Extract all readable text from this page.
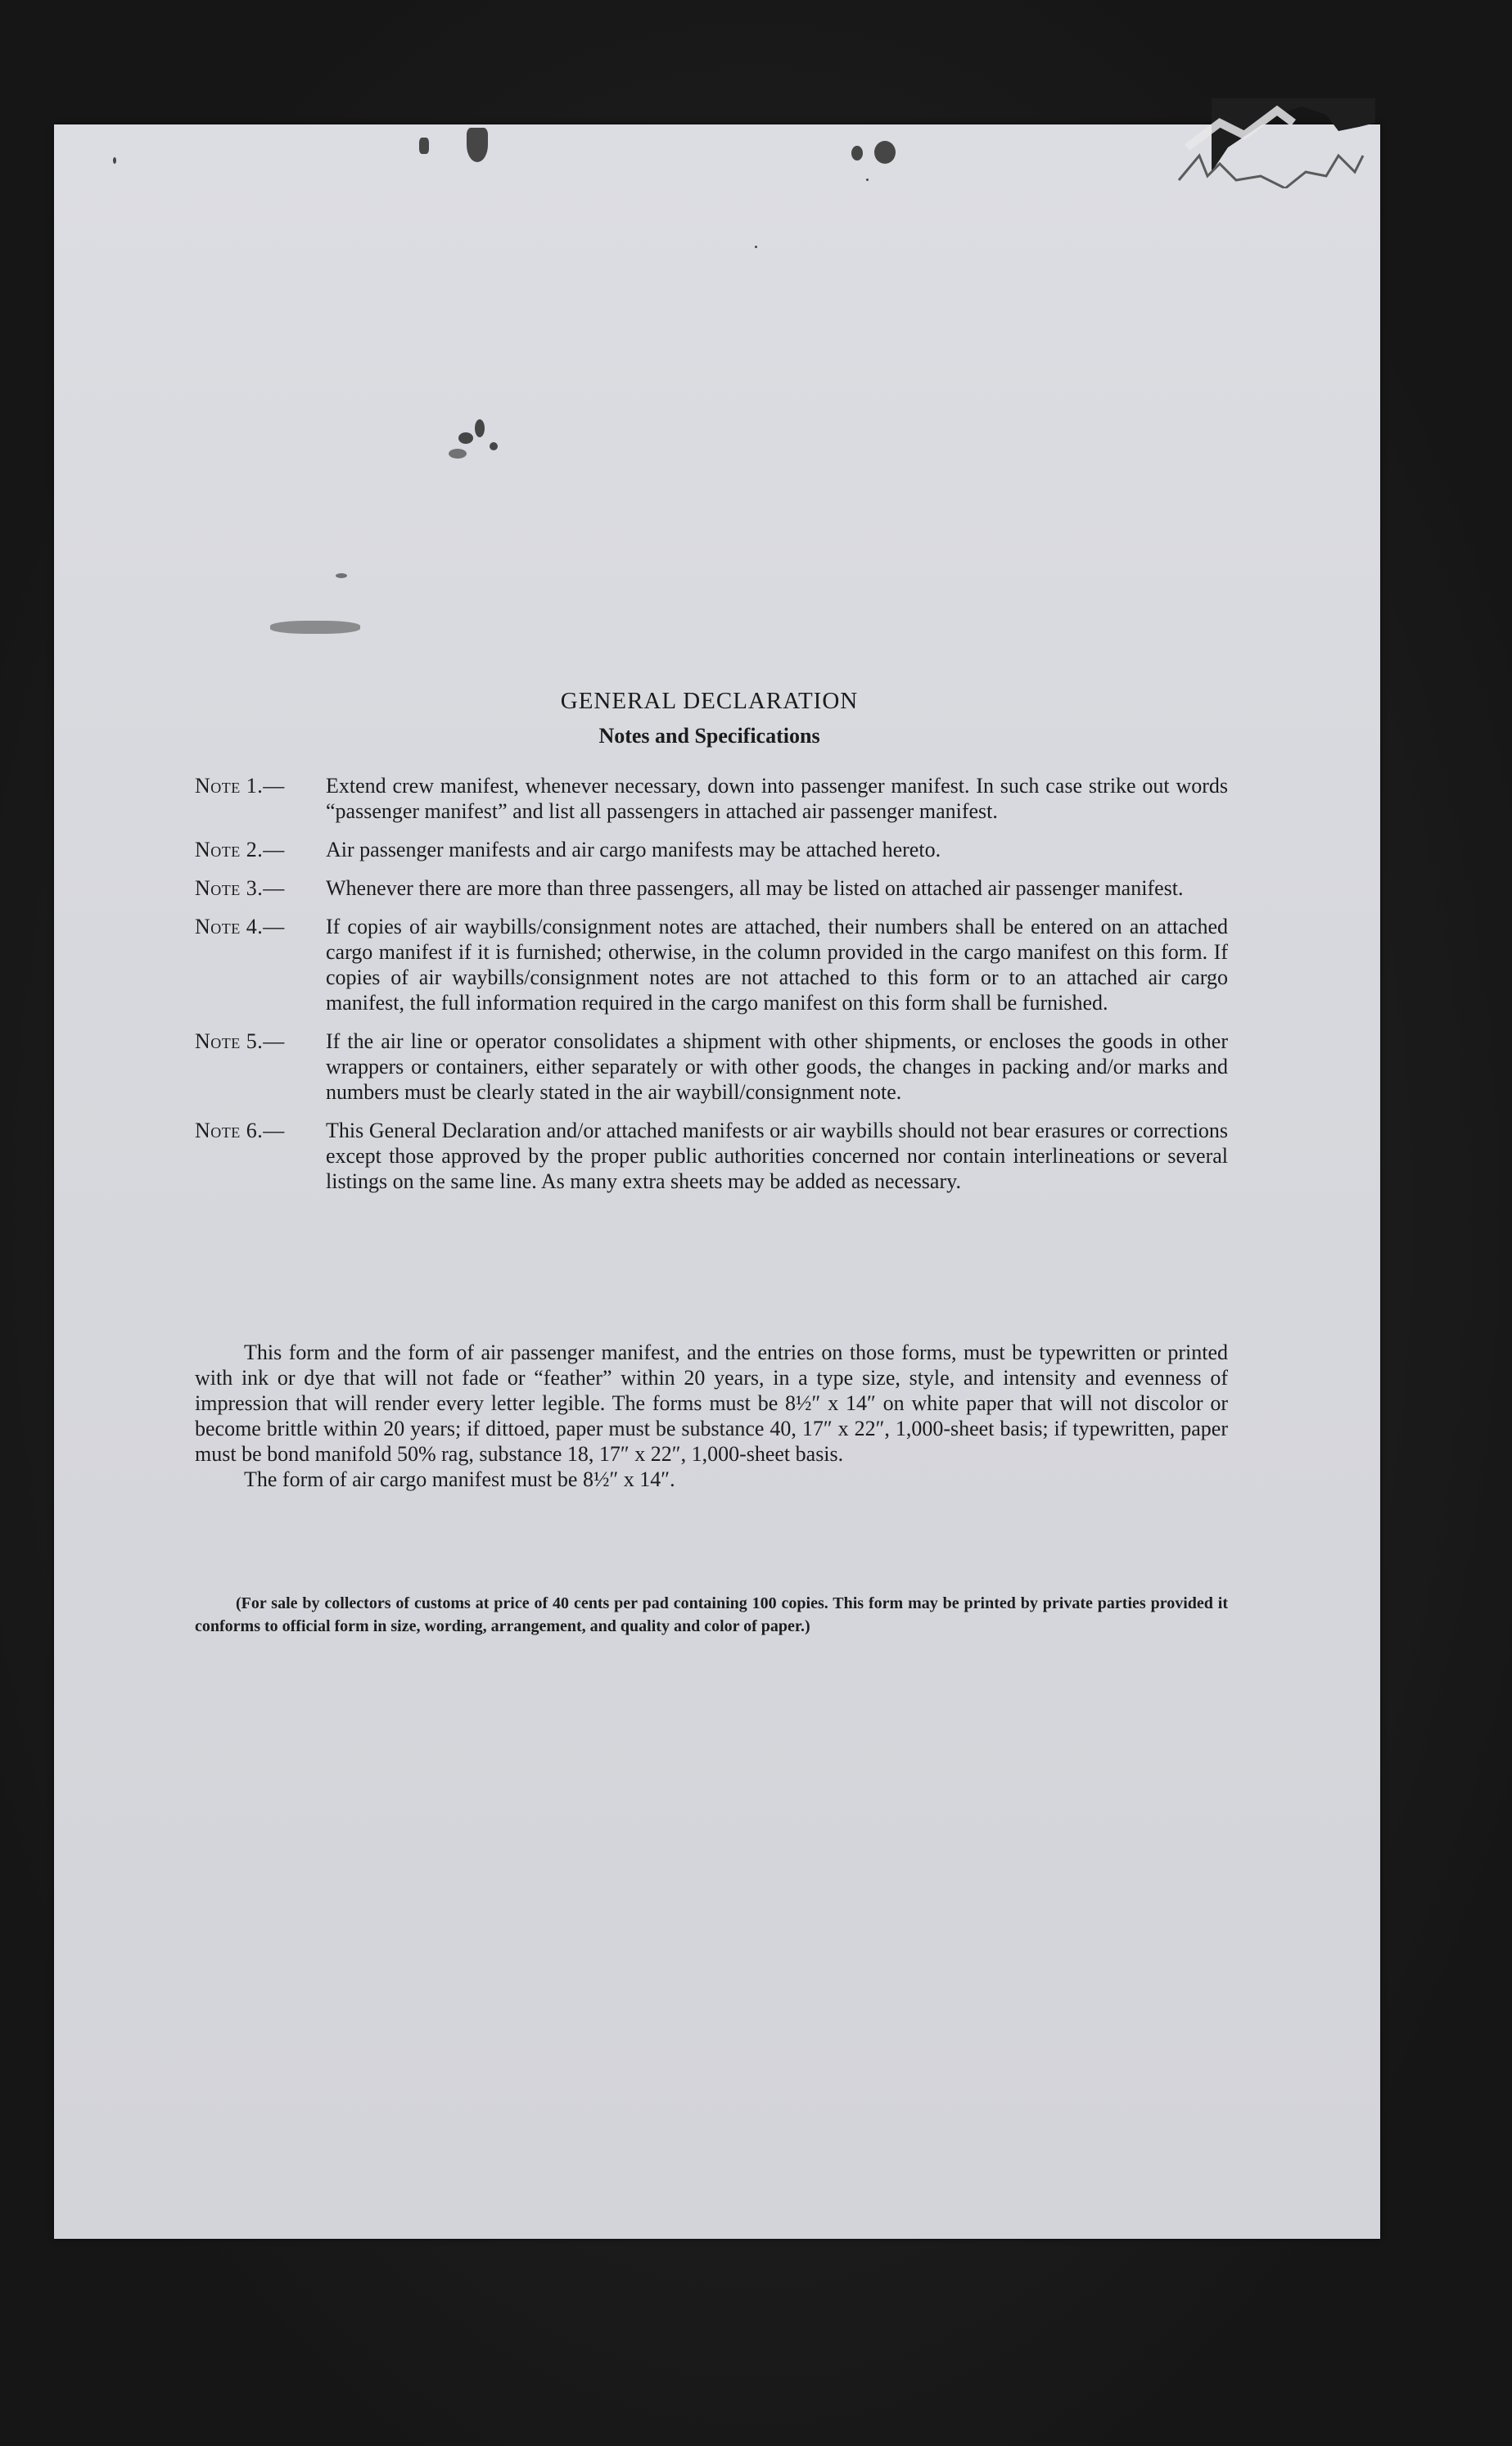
GENERAL DECLARATION
Notes and Specifications
Note 1.— Extend crew manifest, whenever necessary, down into passenger manifest. In such case strike out words “passenger manifest” and list all passengers in attached air passenger manifest.
Note 2.— Air passenger manifests and air cargo manifests may be attached hereto.
Note 3.— Whenever there are more than three passengers, all may be listed on attached air passenger manifest.
Note 4.— If copies of air waybills/consignment notes are attached, their numbers shall be entered on an attached cargo manifest if it is furnished; otherwise, in the column provided in the cargo manifest on this form. If copies of air waybills/consignment notes are not attached to this form or to an attached air cargo manifest, the full information required in the cargo manifest on this form shall be furnished.
Note 5.— If the air line or operator consolidates a shipment with other shipments, or encloses the goods in other wrappers or containers, either separately or with other goods, the changes in packing and/or marks and numbers must be clearly stated in the air waybill/consignment note.
Note 6.— This General Declaration and/or attached manifests or air waybills should not bear erasures or corrections except those approved by the proper public authorities concerned nor contain interlineations or several listings on the same line. As many extra sheets may be added as necessary.

This form and the form of air passenger manifest, and the entries on those forms, must be typewritten or printed with ink or dye that will not fade or “feather” within 20 years, in a type size, style, and intensity and evenness of impression that will render every letter legible. The forms must be 8½″ x 14″ on white paper that will not discolor or become brittle within 20 years; if dittoed, paper must be substance 40, 17″ x 22″, 1,000-sheet basis; if typewritten, paper must be bond manifold 50% rag, substance 18, 17″ x 22″, 1,000-sheet basis.

The form of air cargo manifest must be 8½″ x 14″.

(For sale by collectors of customs at price of 40 cents per pad containing 100 copies. This form may be printed by private parties provided it conforms to official form in size, wording, arrangement, and quality and color of paper.)
